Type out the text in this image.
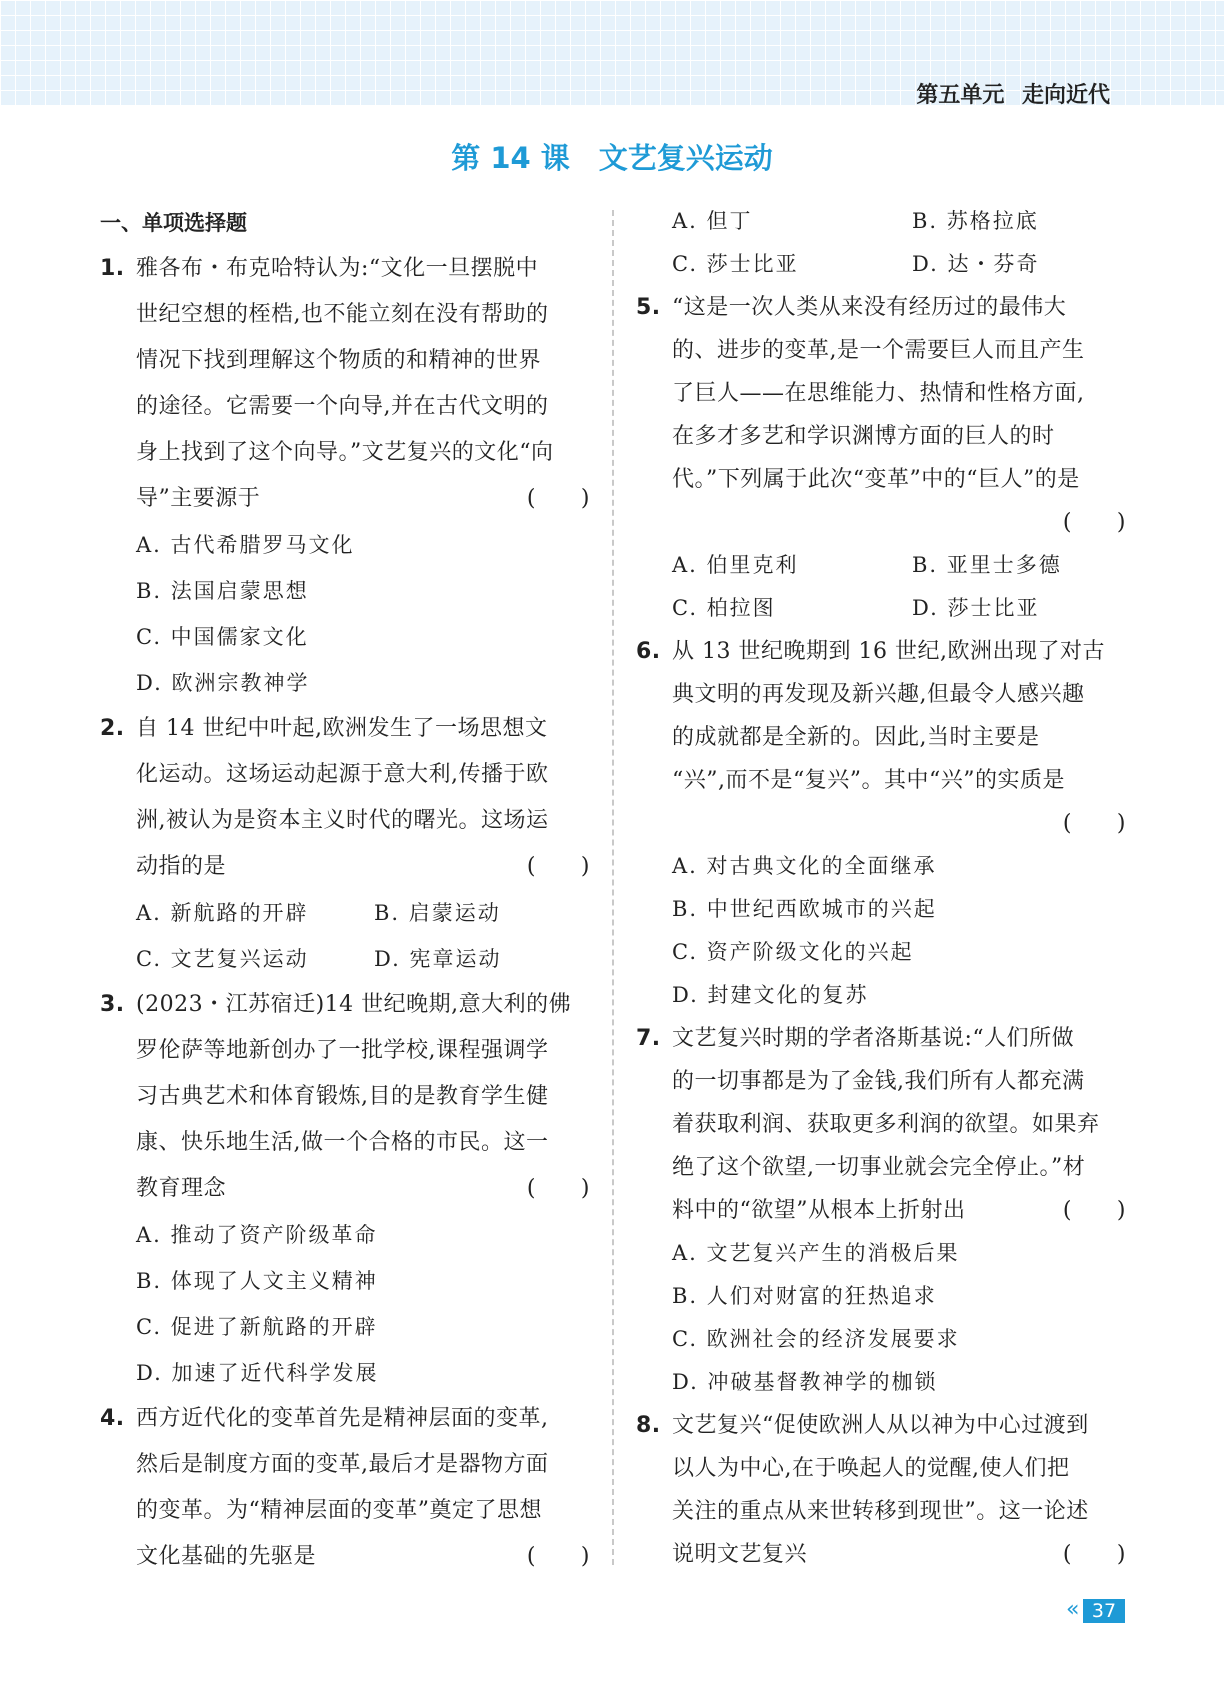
第五单元 走向近代
第 14 课　文艺复兴运动
一、单项选择题
1. 雅各布・布克哈特认为:“文化一旦摆脱中
世纪空想的桎梏,也不能立刻在没有帮助的
情况下找到理解这个物质的和精神的世界
的途径。它需要一个向导,并在古代文明的
身上找到了这个向导。”文艺复兴的文化“向
导”主要源于	(　　)
A. 古代希腊罗马文化
B. 法国启蒙思想
C. 中国儒家文化
D. 欧洲宗教神学
2. 自 14 世纪中叶起,欧洲发生了一场思想文
化运动。这场运动起源于意大利,传播于欧
洲,被认为是资本主义时代的曙光。这场运
动指的是	(　　)
A. 新航路的开辟	B. 启蒙运动
C. 文艺复兴运动	D. 宪章运动
3. (2023・江苏宿迁)14 世纪晚期,意大利的佛
罗伦萨等地新创办了一批学校,课程强调学
习古典艺术和体育锻炼,目的是教育学生健
康、快乐地生活,做一个合格的市民。这一
教育理念	(　　)
A. 推动了资产阶级革命
B. 体现了人文主义精神
C. 促进了新航路的开辟
D. 加速了近代科学发展
4. 西方近代化的变革首先是精神层面的变革,
然后是制度方面的变革,最后才是器物方面
的变革。为“精神层面的变革”奠定了思想
文化基础的先驱是	(　　)
A. 但丁	B. 苏格拉底
C. 莎士比亚	D. 达・芬奇
5. “这是一次人类从来没有经历过的最伟大
的、进步的变革,是一个需要巨人而且产生
了巨人——在思维能力、热情和性格方面,
在多才多艺和学识渊博方面的巨人的时
代。”下列属于此次“变革”中的“巨人”的是
(　　)
A. 伯里克利	B. 亚里士多德
C. 柏拉图	D. 莎士比亚
6. 从 13 世纪晚期到 16 世纪,欧洲出现了对古
典文明的再发现及新兴趣,但最令人感兴趣
的成就都是全新的。因此,当时主要是
“兴”,而不是“复兴”。其中“兴”的实质是
(　　)
A. 对古典文化的全面继承
B. 中世纪西欧城市的兴起
C. 资产阶级文化的兴起
D. 封建文化的复苏
7. 文艺复兴时期的学者洛斯基说:“人们所做
的一切事都是为了金钱,我们所有人都充满
着获取利润、获取更多利润的欲望。如果弃
绝了这个欲望,一切事业就会完全停止。”材
料中的“欲望”从根本上折射出	(　　)
A. 文艺复兴产生的消极后果
B. 人们对财富的狂热追求
C. 欧洲社会的经济发展要求
D. 冲破基督教神学的枷锁
8. 文艺复兴“促使欧洲人从以神为中心过渡到
以人为中心,在于唤起人的觉醒,使人们把
关注的重点从来世转移到现世”。这一论述
说明文艺复兴	(　　)
« 37
